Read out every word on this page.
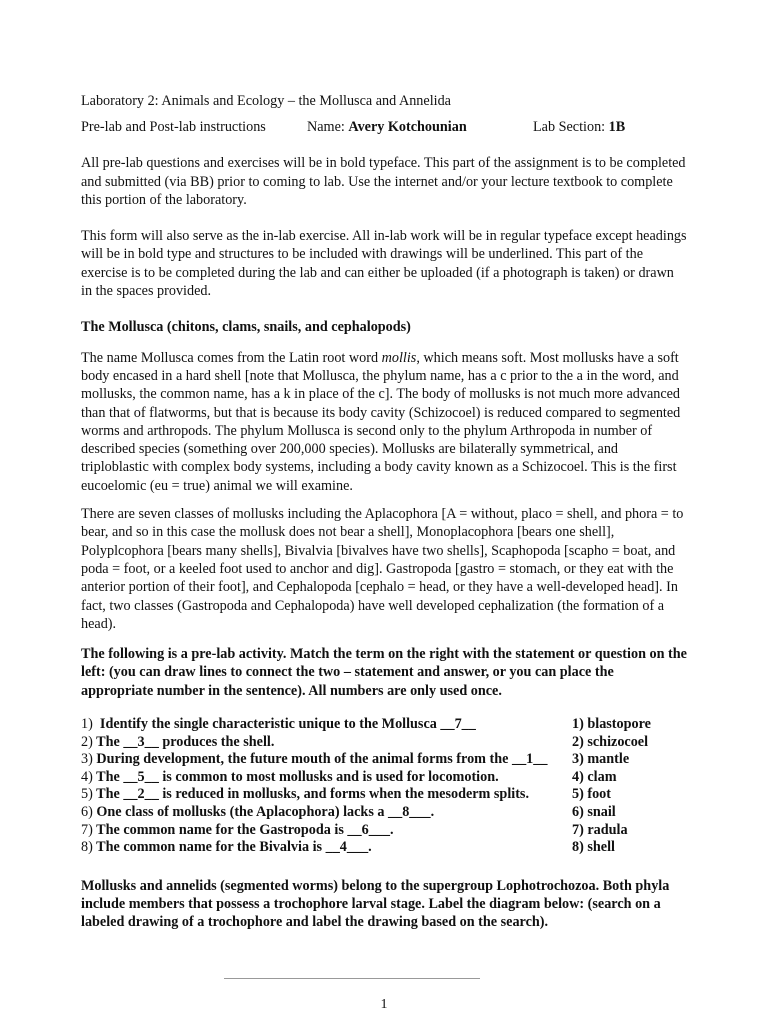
Laboratory 2: Animals and Ecology – the Mollusca and Annelida

Pre-lab and Post-lab instructions	Name: Avery Kotchounian	Lab Section: 1B

All pre-lab questions and exercises will be in bold typeface. This part of the assignment is to be completed and submitted (via BB) prior to coming to lab. Use the internet and/or your lecture textbook to complete this portion of the laboratory.

This form will also serve as the in-lab exercise. All in-lab work will be in regular typeface except headings will be in bold type and structures to be included with drawings will be underlined. This part of the exercise is to be completed during the lab and can either be uploaded (if a photograph is taken) or drawn in the spaces provided.

The Mollusca (chitons, clams, snails, and cephalopods)

The name Mollusca comes from the Latin root word mollis, which means soft. Most mollusks have a soft body encased in a hard shell [note that Mollusca, the phylum name, has a c prior to the a in the word, and mollusks, the common name, has a k in place of the c]. The body of mollusks is not much more advanced than that of flatworms, but that is because its body cavity (Schizocoel) is reduced compared to segmented worms and arthropods. The phylum Mollusca is second only to the phylum Arthropoda in number of described species (something over 200,000 species). Mollusks are bilaterally symmetrical, and triploblastic with complex body systems, including a body cavity known as a Schizocoel. This is the first eucoelomic (eu = true) animal we will examine.

There are seven classes of mollusks including the Aplacophora [A = without, placo = shell, and phora = to bear, and so in this case the mollusk does not bear a shell], Monoplacophora [bears one shell], Polyplcophora [bears many shells], Bivalvia [bivalves have two shells], Scaphopoda [scapho = boat, and poda = foot, or a keeled foot used to anchor and dig]. Gastropoda [gastro = stomach, or they eat with the anterior portion of their foot], and Cephalopoda [cephalo = head, or they have a well-developed head]. In fact, two classes (Gastropoda and Cephalopoda) have well developed cephalization (the formation of a head).

The following is a pre-lab activity. Match the term on the right with the statement or question on the left: (you can draw lines to connect the two – statement and answer, or you can place the appropriate number in the sentence). All numbers are only used once.

1)  Identify the single characteristic unique to the Mollusca __7__	1) blastopore
2) The __3__ produces the shell.	2) schizocoel
3) During development, the future mouth of the animal forms from the __1__ 3) mantle
4) The __5__ is common to most mollusks and is used for locomotion.	4) clam
5) The __2__ is reduced in mollusks, and forms when the mesoderm splits.	5) foot
6) One class of mollusks (the Aplacophora) lacks a __8___.	6) snail
7) The common name for the Gastropoda is __6___.	7) radula
8) The common name for the Bivalvia is __4___.	8) shell

Mollusks and annelids (segmented worms) belong to the supergroup Lophotrochozoa. Both phyla include members that possess a trochophore larval stage. Label the diagram below: (search on a labeled drawing of a trochophore and label the drawing based on the search).

1
